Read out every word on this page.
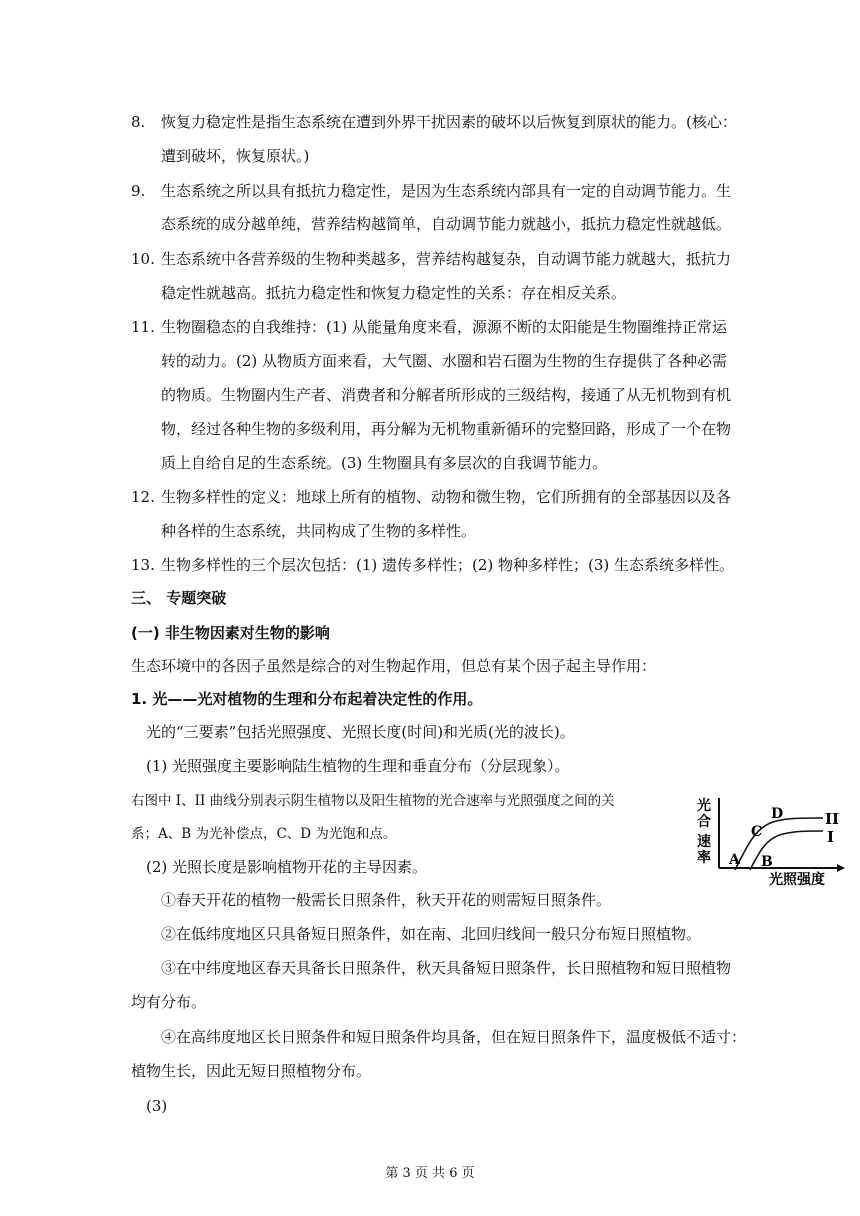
8. 恢复力稳定性是指生态系统在遭到外界干扰因素的破坏以后恢复到原状的能力。(核心：
遭到破坏，恢复原状。)
9. 生态系统之所以具有抵抗力稳定性，是因为生态系统内部具有一定的自动调节能力。生
态系统的成分越单纯，营养结构越简单，自动调节能力就越小，抵抗力稳定性就越低。
10. 生态系统中各营养级的生物种类越多，营养结构越复杂，自动调节能力就越大，抵抗力
稳定性就越高。抵抗力稳定性和恢复力稳定性的关系：存在相反关系。
11. 生物圈稳态的自我维持：(1) 从能量角度来看，源源不断的太阳能是生物圈维持正常运
转的动力。(2) 从物质方面来看，大气圈、水圈和岩石圈为生物的生存提供了各种必需
的物质。生物圈内生产者、消费者和分解者所形成的三级结构，接通了从无机物到有机
物，经过各种生物的多级利用，再分解为无机物重新循环的完整回路，形成了一个在物
质上自给自足的生态系统。(3) 生物圈具有多层次的自我调节能力。
12. 生物多样性的定义：地球上所有的植物、动物和微生物，它们所拥有的全部基因以及各
种各样的生态系统，共同构成了生物的多样性。
13. 生物多样性的三个层次包括：(1) 遗传多样性；(2) 物种多样性；(3) 生态系统多样性。
三、 专题突破
(一) 非生物因素对生物的影响
生态环境中的各因子虽然是综合的对生物起作用，但总有某个因子起主导作用：
1. 光——光对植物的生理和分布起着决定性的作用。
光的“三要素”包括光照强度、光照长度(时间)和光质(光的波长)。
(1) 光照强度主要影响陆生植物的生理和垂直分布（分层现象）。
右图中 I、II 曲线分别表示阴生植物以及阳生植物的光合速率与光照强度之间的关
系；A、B 为光补偿点，C、D 为光饱和点。
光
合
速
率 A B
C
D	II
I
光照强度
(2) 光照长度是影响植物开花的主导因素。
①春天开花的植物一般需长日照条件，秋天开花的则需短日照条件。
②在低纬度地区只具备短日照条件，如在南、北回归线间一般只分布短日照植物。
③在中纬度地区春天具备长日照条件，秋天具备短日照条件，长日照植物和短日照植物
均有分布。
④在高纬度地区长日照条件和短日照条件均具备，但在短日照条件下，温度极低不适寸：
植物生长，因此无短日照植物分布。
(3)
第 3 页 共 6 页
